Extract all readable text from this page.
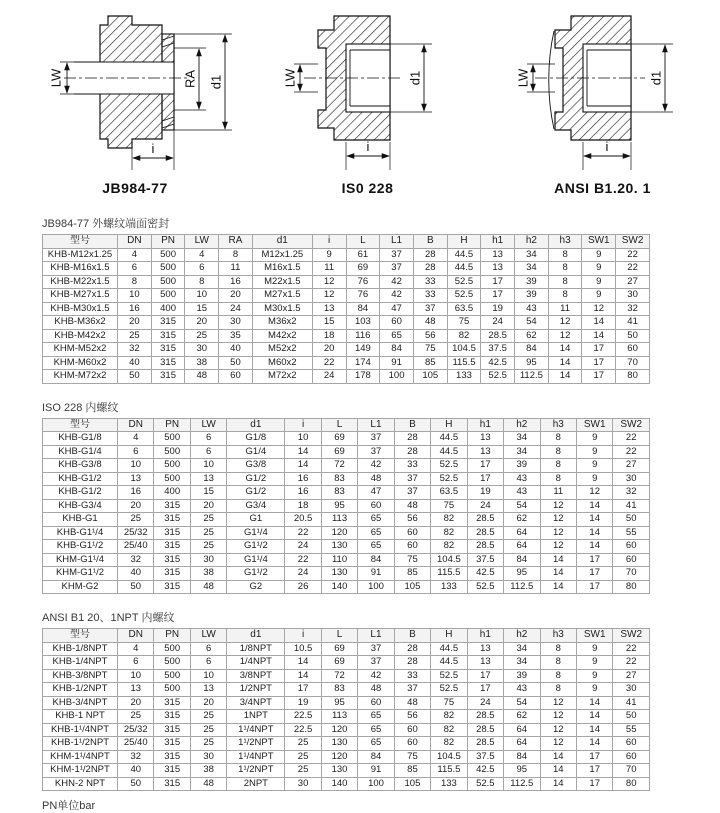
LW	RA d1
i
JB984-77
LW	d1
i
IS0 228
LW	d1
i
ANSI B1.20. 1
JB984-77 外螺纹端面密封
型号	DN	PN	LW	RA	d1	i	L	L1	B	H	h1	h2	h3	SW1	SW2
KHB-M12x1.25	4	500	4	8	M12x1.25	9	61	37	28	44.5	13	34	8	9	22
KHB-M16x1.5	6	500	6	11	M16x1.5	11	69	37	28	44.5	13	34	8	9	22
KHB-M22x1.5	8	500	8	16	M22x1.5	12	76	42	33	52.5	17	39	8	9	27
KHB-M27x1.5	10	500	10	20	M27x1.5	12	76	42	33	52.5	17	39	8	9	30
KHB-M30x1.5	16	400	15	24	M30x1.5	13	84	47	37	63.5	19	43	11	12	32
KHB-M36x2	20	315	20	30	M36x2	15	103	60	48	75	24	54	12	14	41
KHB-M42x2	25	315	25	35	M42x2	18	116	65	56	82	28.5	62	12	14	50
KHM-M52x2	32	315	30	40	M52x2	20	149	84	75	104.5	37.5	84	14	17	60
KHM-M60x2	40	315	38	50	M60x2	22	174	91	85	115.5	42.5	95	14	17	70
KHM-M72x2	50	315	48	60	M72x2	24	178	100	105	133	52.5	112.5	14	17	80
ISO 228 内螺纹
型号	DN	PN	LW	d1	i	L	L1	B	H	h1	h2	h3	SW1	SW2
KHB-G1/8	4	500	6	G1/8	10	69	37	28	44.5	13	34	8	9	22
KHB-G1/4	6	500	6	G1/4	14	69	37	28	44.5	13	34	8	9	22
KHB-G3/8	10	500	10	G3/8	14	72	42	33	52.5	17	39	8	9	27
KHB-G1/2	13	500	13	G1/2	16	83	48	37	52.5	17	43	8	9	30
KHB-G1/2	16	400	15	G1/2	16	83	47	37	63.5	19	43	11	12	32
KHB-G3/4	20	315	20	G3/4	18	95	60	48	75	24	54	12	14	41
KHB-G1	25	315	25	G1	20.5	113	65	56	82	28.5	62	12	14	50
KHB-G1¹/4	25/32	315	25	G1¹/4	22	120	65	60	82	28.5	64	12	14	55
KHB-G1¹/2	25/40	315	25	G1¹/2	24	130	65	60	82	28.5	64	12	14	60
KHM-G1¹/4	32	315	30	G1¹/4	22	110	84	75	104.5	37.5	84	14	17	60
KHM-G1¹/2	40	315	38	G1¹/2	24	130	91	85	115.5	42.5	95	14	17	70
KHM-G2	50	315	48	G2	26	140	100	105	133	52.5	112.5	14	17	80
ANSI B1 20、1NPT 内螺纹
型号	DN	PN	LW	d1	i	L	L1	B	H	h1	h2	h3	SW1	SW2
KHB-1/8NPT	4	500	6	1/8NPT	10.5	69	37	28	44.5	13	34	8	9	22
KHB-1/4NPT	6	500	6	1/4NPT	14	69	37	28	44.5	13	34	8	9	22
KHB-3/8NPT	10	500	10	3/8NPT	14	72	42	33	52.5	17	39	8	9	27
KHB-1/2NPT	13	500	13	1/2NPT	17	83	48	37	52.5	17	43	8	9	30
KHB-3/4NPT	20	315	20	3/4NPT	19	95	60	48	75	24	54	12	14	41
KHB-1 NPT	25	315	25	1NPT	22.5	113	65	56	82	28.5	62	12	14	50
KHB-1¹/4NPT	25/32	315	25	1¹/4NPT	22.5	120	65	60	82	28.5	64	12	14	55
KHB-1¹/2NPT	25/40	315	25	1¹/2NPT	25	130	65	60	82	28.5	64	12	14	60
KHM-1¹/4NPT	32	315	30	1¹/4NPT	25	120	84	75	104.5	37.5	84	14	17	60
KHM-1¹/2NPT	40	315	38	1¹/2NPT	25	130	91	85	115.5	42.5	95	14	17	70
KHN-2 NPT	50	315	48	2NPT	30	140	100	105	133	52.5	112.5	14	17	80
PN单位bar
